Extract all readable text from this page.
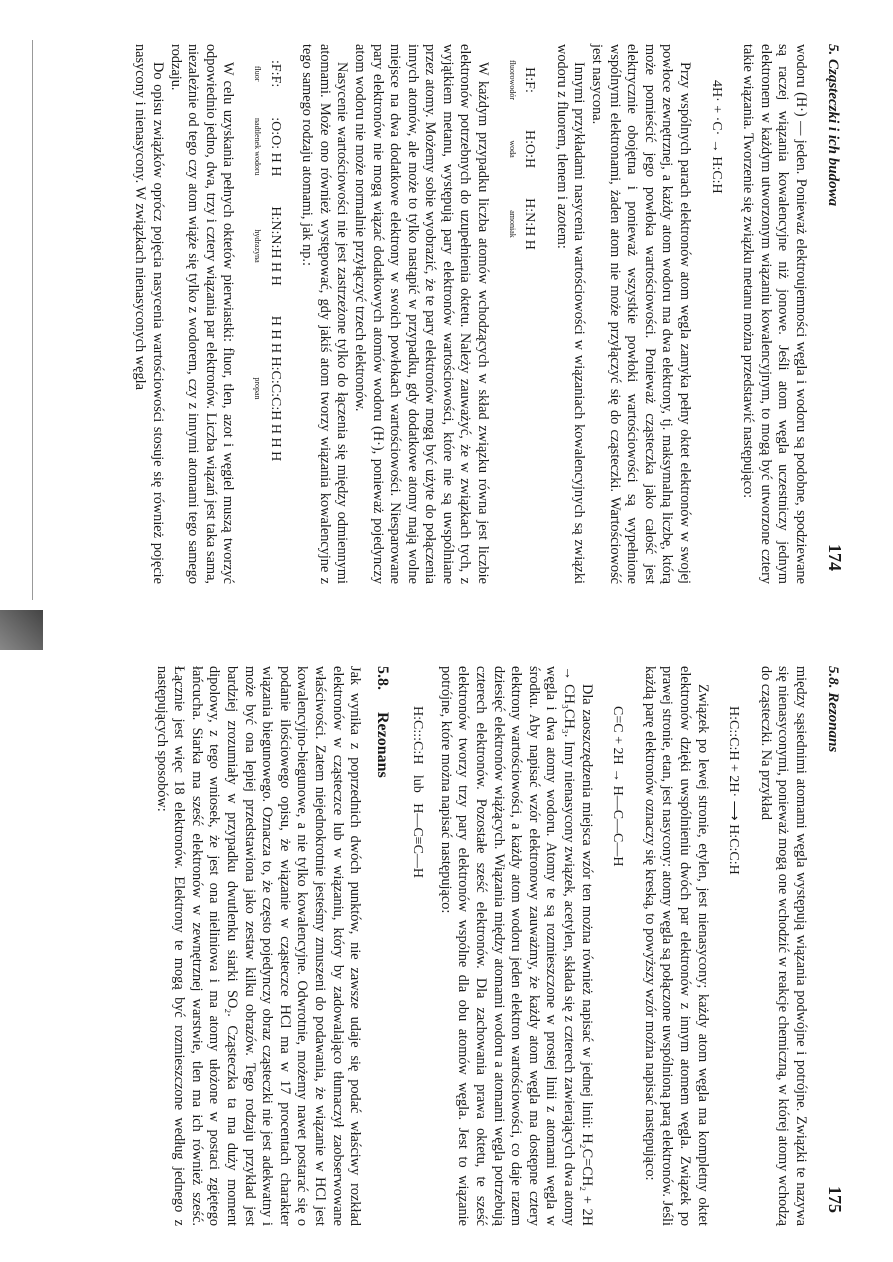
5. Cząsteczki i ich budowa
174

wodoru (H·) — jeden. Ponieważ elektroujemności węgla i wodoru są podobne, spodziewane są raczej wiązania kowalencyjne niż jonowe. Jeśli atom węgla uczestniczy jednym elektronem w każdym utworzonym wiązaniu kowalencyjnym, to mogą być utworzone cztery takie wiązania. Tworzenie się związku metanu można przedstawić następująco:

4H· + ·C· → H:C:H

Przy wspólnych parach elektronów atom węgla zamyka pełny oktet elektronów w swojej powłoce zewnętrznej, a każdy atom wodoru ma dwa elektrony, tj. maksymalną liczbę, którą może pomieścić jego powłoka wartościowości. Ponieważ cząsteczka jako całość jest elektrycznie obojętna i ponieważ wszystkie powłoki wartościowości są wypełnione wspólnymi elektronami, żaden atom nie może przyłączyć się do cząsteczki. Wartościowość jest nasycona.

Innymi przykładami nasycenia wartościowości w wiązaniach kowalencyjnych są związki wodoru z fluorem, tlenem i azotem:

H:F:
fluorowodór
H:O:H
woda
H:N:H H
amoniak

W każdym przypadku liczba atomów wchodzących w skład związku równa jest liczbie elektronów potrzebnych do uzupełnienia oktetu. Należy zauważyć, że w związkach tych, z wyjątkiem metanu, występują pary elektronów wartościowości, które nie są uwspólniane przez atomy. Możemy sobie wyobrazić, że te pary elektronów mogą być użyte do połączenia innych atomów, ale może to tylko nastąpić w przypadku, gdy dodatkowe atomy mają wolne miejsce na dwa dodatkowe elektrony w swoich powłokach wartościowości. Niesparowane pary elektronów nie mogą wiązać dodatkowych atomów wodoru (H·), ponieważ pojedynczy atom wodoru nie może normalnie przyłączyć trzech elektronów.

Nasycenie wartościowości nie jest zastrzeżone tylko do łączenia się między odmiennymi atomami. Może ono również występować, gdy jakiś atom tworzy wiązania kowalencyjne z tego samego rodzaju atomami, jak np.:

:F:F:
fluor
:O:O: H H
nadtlenek wodoru
H:N:N:H H H
hydrazyna
H H H H:C:C:C:H H H H
propan

W celu uzyskania pełnych oktetów pierwiastki: fluor, tlen, azot i węgiel muszą tworzyć odpowiednio jedno, dwa, trzy i cztery wiązania par elektronów. Liczba wiązań jest taka sama, niezależnie od tego czy atom wiąże się tylko z wodorem, czy z innymi atomami tego samego rodzaju.

Do opisu związków oprócz pojęcia nasycenia wartościowości stosuje się również pojęcie nasycony i nienasycony. W związkach nienasyconych węgla

5.8. Rezonans
175

między sąsiednimi atomami węgla występują wiązania podwójne i potrójne. Związki te nazywa się nienasyconymi, ponieważ mogą one wchodzić w reakcje chemiczną, w której atomy wchodzą do cząsteczki. Na przykład

H:C::C:H + 2H· ⟶ H:C:C:H

Związek po lewej stronie, etylen, jest nienasycony; każdy atom węgla ma kompletny oktet elektronów dzięki uwspólnieniu dwóch par elektronów z innym atomem węgla. Związek po prawej stronie, etan, jest nasycony: atomy węgla są połączone uwspólnioną parą elektronów. Jeśli każdą parę elektronów oznaczy się kreską, to powyższy wzór można napisać następująco:

C=C + 2H → H—C—C—H

Dla zaoszczędzenia miejsca wzór ten można również napisać w jednej linii: H₂C=CH₂ + 2H → CH₃CH₃. Inny nienasycony związek, acetylen, składa się z czterech zawierających dwa atomy węgla i dwa atomy wodoru. Atomy te są rozmieszczone w prostej linii z atomami węgla w środku. Aby napisać wzór elektronowy zauważmy, że każdy atom węgla ma dostępne cztery elektrony wartościowości, a każdy atom wodoru jeden elektron wartościowości, co daje razem dziesięć elektronów wiążących. Wiązania między atomami wodoru a atomami węgla potrzebują czterech elektronów. Pozostałe sześć elektronów. Dla zachowania prawa oktetu, te sześć elektronów tworzy trzy pary elektronów wspólne dla obu atomów węgla. Jest to wiązanie potrójne, które można napisać następująco:

H:C:::C:H   lub   H—C≡C—H
5.8. Rezonans

Jak wynika z poprzednich dwóch punktów, nie zawsze udaje się podać właściwy rozkład elektronów w cząsteczce lub w wiązaniu, który by zadowalająco tłumaczył zaobserwowane właściwości. Zatem niejednokrotnie jesteśmy zmuszeni do podawania, że wiązanie w HCl jest kowalencyjno-biegunowe, a nie tylko kowalencyjne. Odwrotnie, możemy nawet postarać się o podanie ilościowego opisu, że wiązanie w cząsteczce HCl ma w 17 procentach charakter wiązania biegunowego. Oznacza to, że często pojedynczy obraz cząsteczki nie jest adekwatny i może być ona lepiej przedstawiona jako zestaw kilku obrazów. Tego rodzaju przykład jest bardziej zrozumiały w przypadku dwutlenku siarki SO₂. Cząsteczka ta ma duży moment dipolowy, z tego wniosek, że jest ona nieliniowa i ma atomy ułożone w postaci zgiętego łańcucha. Siarka ma sześć elektronów w zewnętrznej warstwie, tlen ma ich również sześć. Łącznie jest więc 18 elektronów. Elektrony te mogą być rozmieszczone według jednego z następujących sposobów:
